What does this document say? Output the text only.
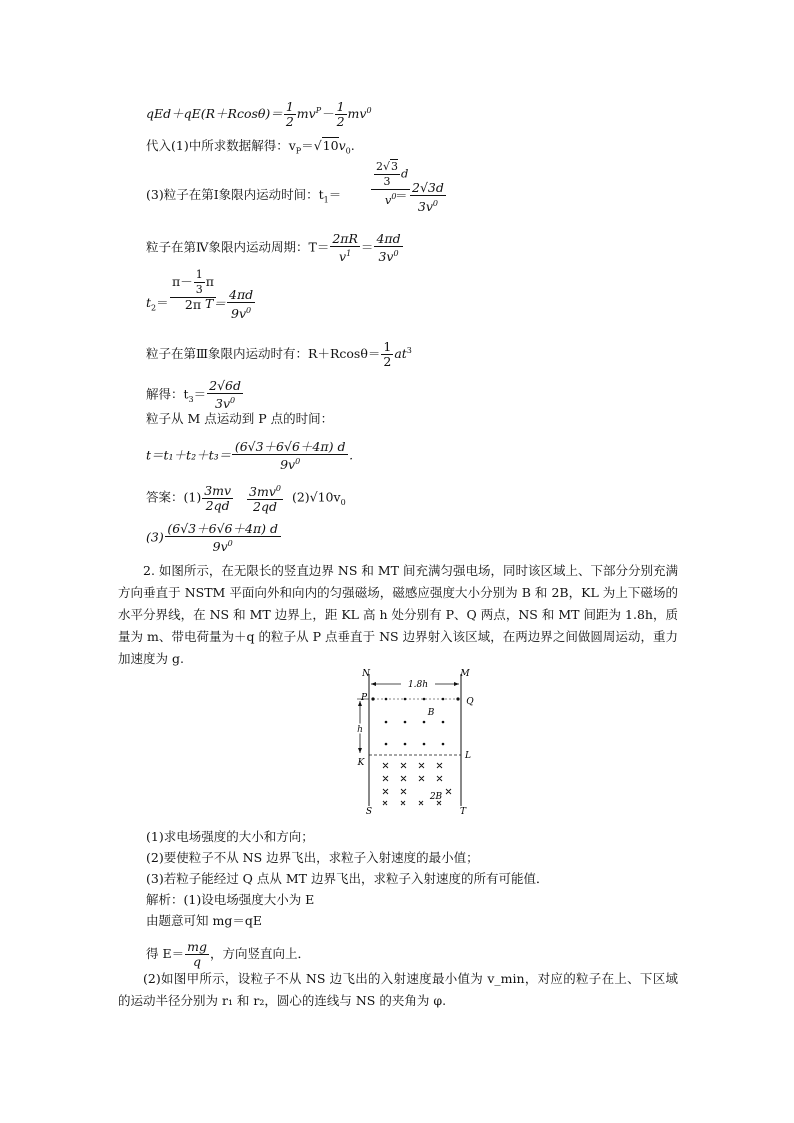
$qEd+qE(R+Rcos\theta)= \frac{1}{2} mv^P- \frac{1}{2} mv^0$
代入(1)中所求数据解得：$v_P=√10v_0$.
(3)粒子在第Ⅰ象限内运动时间：$t_1=$
$\frac{2√3}{3}$ d
$v^0$
＝
2√3d
$3v^0$
粒子在第Ⅳ象限内运动周期：$T= \frac{2\pi R}{v^1} = \frac{4\pi d}{3v^0}$
$t_2=$
$\pi- \frac{1}{3}$ π
2π T＝
4πd
$9v^0$
粒子在第Ⅲ象限内运动时有：$R+Rcos\theta= \frac{1}{2} at^3$
解得：$t_3= \frac{2√6d}{3v^0}$
粒子从 M 点运动到 P 点的时间：
$t=t_1+t_2+t_3= \frac{(6√3+6√6+4\pi) d}{9v^0}$ .
答案：$(1) \frac{3mv}{2qd}$
$\frac{3mv^0}{2qd} (2)√10v_0$
$(3) \frac{(6√3+6√6+4\pi) d}{9v^0}$

2. 如图所示，在无限长的竖直边界 NS 和 MT 间充满匀强电场，同时该区域上、下部分分别充满方向垂直于 NSTM 平面向外和向内的匀强磁场，磁感应强度大小分别为 B 和 2B，KL 为上下磁场的水平分界线，在 NS 和 MT 边界上，距 KL 高 h 处分别有 P、Q 两点，NS 和 MT 间距为 1.8h，质量为 m、带电荷量为＋q 的粒子从 P 点垂直于 NS 边界射入该区域，在两边界之间做圆周运动，重力加速度为 g.

1.8h
h
N	M
P	Q
K
L
S	T
B
2B
(1)求电场强度的大小和方向；
(2)要使粒子不从 NS 边界飞出，求粒子入射速度的最小值；
(3)若粒子能经过 Q 点从 MT 边界飞出，求粒子入射速度的所有可能值．
解析：(1)设电场强度大小为 E
由题意可知 mg＝qE
得 $E= \frac{mg}{q}$ ，方向竖直向上．

(2)如图甲所示，设粒子不从 NS 边飞出的入射速度最小值为 v_min，对应的粒子在上、下区域的运动半径分别为 r₁ 和 r₂，圆心的连线与 NS 的夹角为 φ.
